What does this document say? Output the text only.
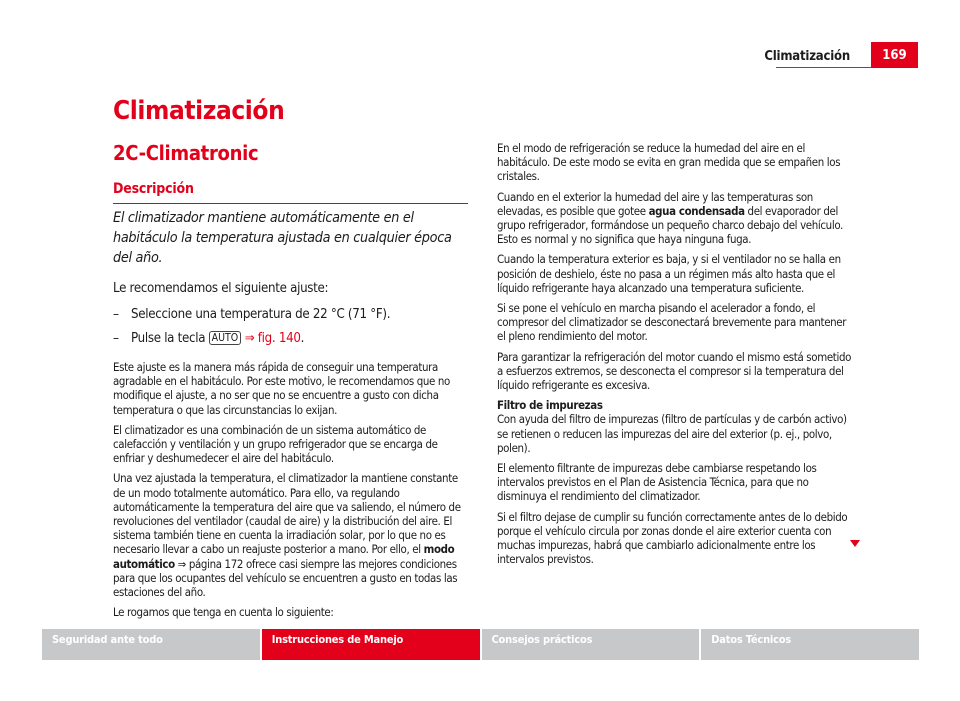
Climatización	169
Climatización
2C-Climatronic
Descripción

El climatizador mantiene automáticamente en el habitáculo la temperatura ajustada en cualquier época del año.

Le recomendamos el siguiente ajuste:

– Seleccione una temperatura de 22 °C (71 °F).
– Pulse la tecla AUTO ⇒ fig. 140.

Este ajuste es la manera más rápida de conseguir una temperatura agradable en el habitáculo. Por este motivo, le recomendamos que no modifique el ajuste, a no ser que no se encuentre a gusto con dicha temperatura o que las circunstancias lo exijan.

El climatizador es una combinación de un sistema automático de calefacción y ventilación y un grupo refrigerador que se encarga de enfriar y deshumedecer el aire del habitáculo.

Una vez ajustada la temperatura, el climatizador la mantiene constante de un modo totalmente automático. Para ello, va regulando automáticamente la temperatura del aire que va saliendo, el número de revoluciones del ventilador (caudal de aire) y la distribución del aire. El sistema también tiene en cuenta la irradiación solar, por lo que no es necesario llevar a cabo un reajuste posterior a mano. Por ello, el modo automático ⇒ página 172 ofrece casi siempre las mejores condiciones para que los ocupantes del vehículo se encuentren a gusto en todas las estaciones del año.

Le rogamos que tenga en cuenta lo siguiente:

En el modo de refrigeración se reduce la humedad del aire en el habitáculo. De este modo se evita en gran medida que se empañen los cristales.

Cuando en el exterior la humedad del aire y las temperaturas son elevadas, es posible que gotee agua condensada del evaporador del grupo refrigerador, formándose un pequeño charco debajo del vehículo. Esto es normal y no significa que haya ninguna fuga.

Cuando la temperatura exterior es baja, y si el ventilador no se halla en posición de deshielo, éste no pasa a un régimen más alto hasta que el líquido refrigerante haya alcanzado una temperatura suficiente.

Si se pone el vehículo en marcha pisando el acelerador a fondo, el compresor del climatizador se desconectará brevemente para mantener el pleno rendimiento del motor.

Para garantizar la refrigeración del motor cuando el mismo está sometido a esfuerzos extremos, se desconecta el compresor si la temperatura del líquido refrigerante es excesiva.

Filtro de impurezas

Con ayuda del filtro de impurezas (filtro de partículas y de carbón activo) se retienen o reducen las impurezas del aire del exterior (p. ej., polvo, polen).

El elemento filtrante de impurezas debe cambiarse respetando los intervalos previstos en el Plan de Asistencia Técnica, para que no disminuya el rendimiento del climatizador.

Si el filtro dejase de cumplir su función correctamente antes de lo debido porque el vehículo circula por zonas donde el aire exterior cuenta con muchas impurezas, habrá que cambiarlo adicionalmente entre los intervalos previstos.

Seguridad ante todo	Instrucciones de Manejo	Consejos prácticos	Datos Técnicos
